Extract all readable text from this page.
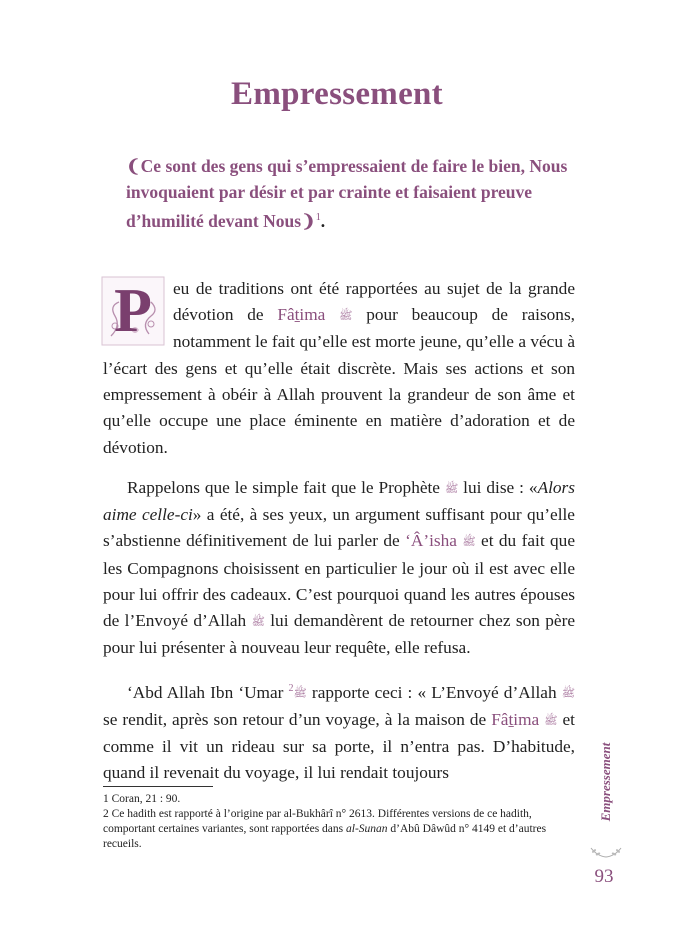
Empressement
❨Ce sont des gens qui s’empressaient de faire le bien, Nous invoquaient par désir et par crainte et faisaient preuve d’humilité devant Nous❩$^1$.

P eu de traditions ont été rapportées au sujet de la grande dévotion de Fâṯima ﷺ pour beaucoup de raisons, notamment le fait qu’elle est morte jeune, qu’elle a vécu à l’écart des gens et qu’elle était discrète. Mais ses actions et son empressement à obéir à Allah prouvent la grandeur de son âme et qu’elle occupe une place éminente en matière d’adoration et de dévotion.

Rappelons que le simple fait que le Prophète ﷺ lui dise : «Alors aime celle-ci» a été, à ses yeux, un argument suffisant pour qu’elle s’abstienne définitivement de lui parler de ‘Â’isha ﷺ et du fait que les Compagnons choisissent en particulier le jour où il est avec elle pour lui offrir des cadeaux. C’est pourquoi quand les autres épouses de l’Envoyé d’Allah ﷺ lui demandèrent de retourner chez son père pour lui présenter à nouveau leur requête, elle refusa.

‘Abd Allah Ibn ‘Umar ﷺ$^2$ rapporte ceci : « L’Envoyé d’Allah ﷺ se rendit, après son retour d’un voyage, à la maison de Fâṯima ﷺ et comme il vit un rideau sur sa porte, il n’entra pas. D’habitude, quand il revenait du voyage, il lui rendait toujours

1 Coran, 21 : 90.
2 Ce hadith est rapporté à l’origine par al-Bukhârî n° 2613. Différentes versions de ce hadith, comportant certaines variantes, sont rapportées dans al-Sunan d’Abû Dâwûd n° 4149 et d’autres recueils.
Empressement
93
